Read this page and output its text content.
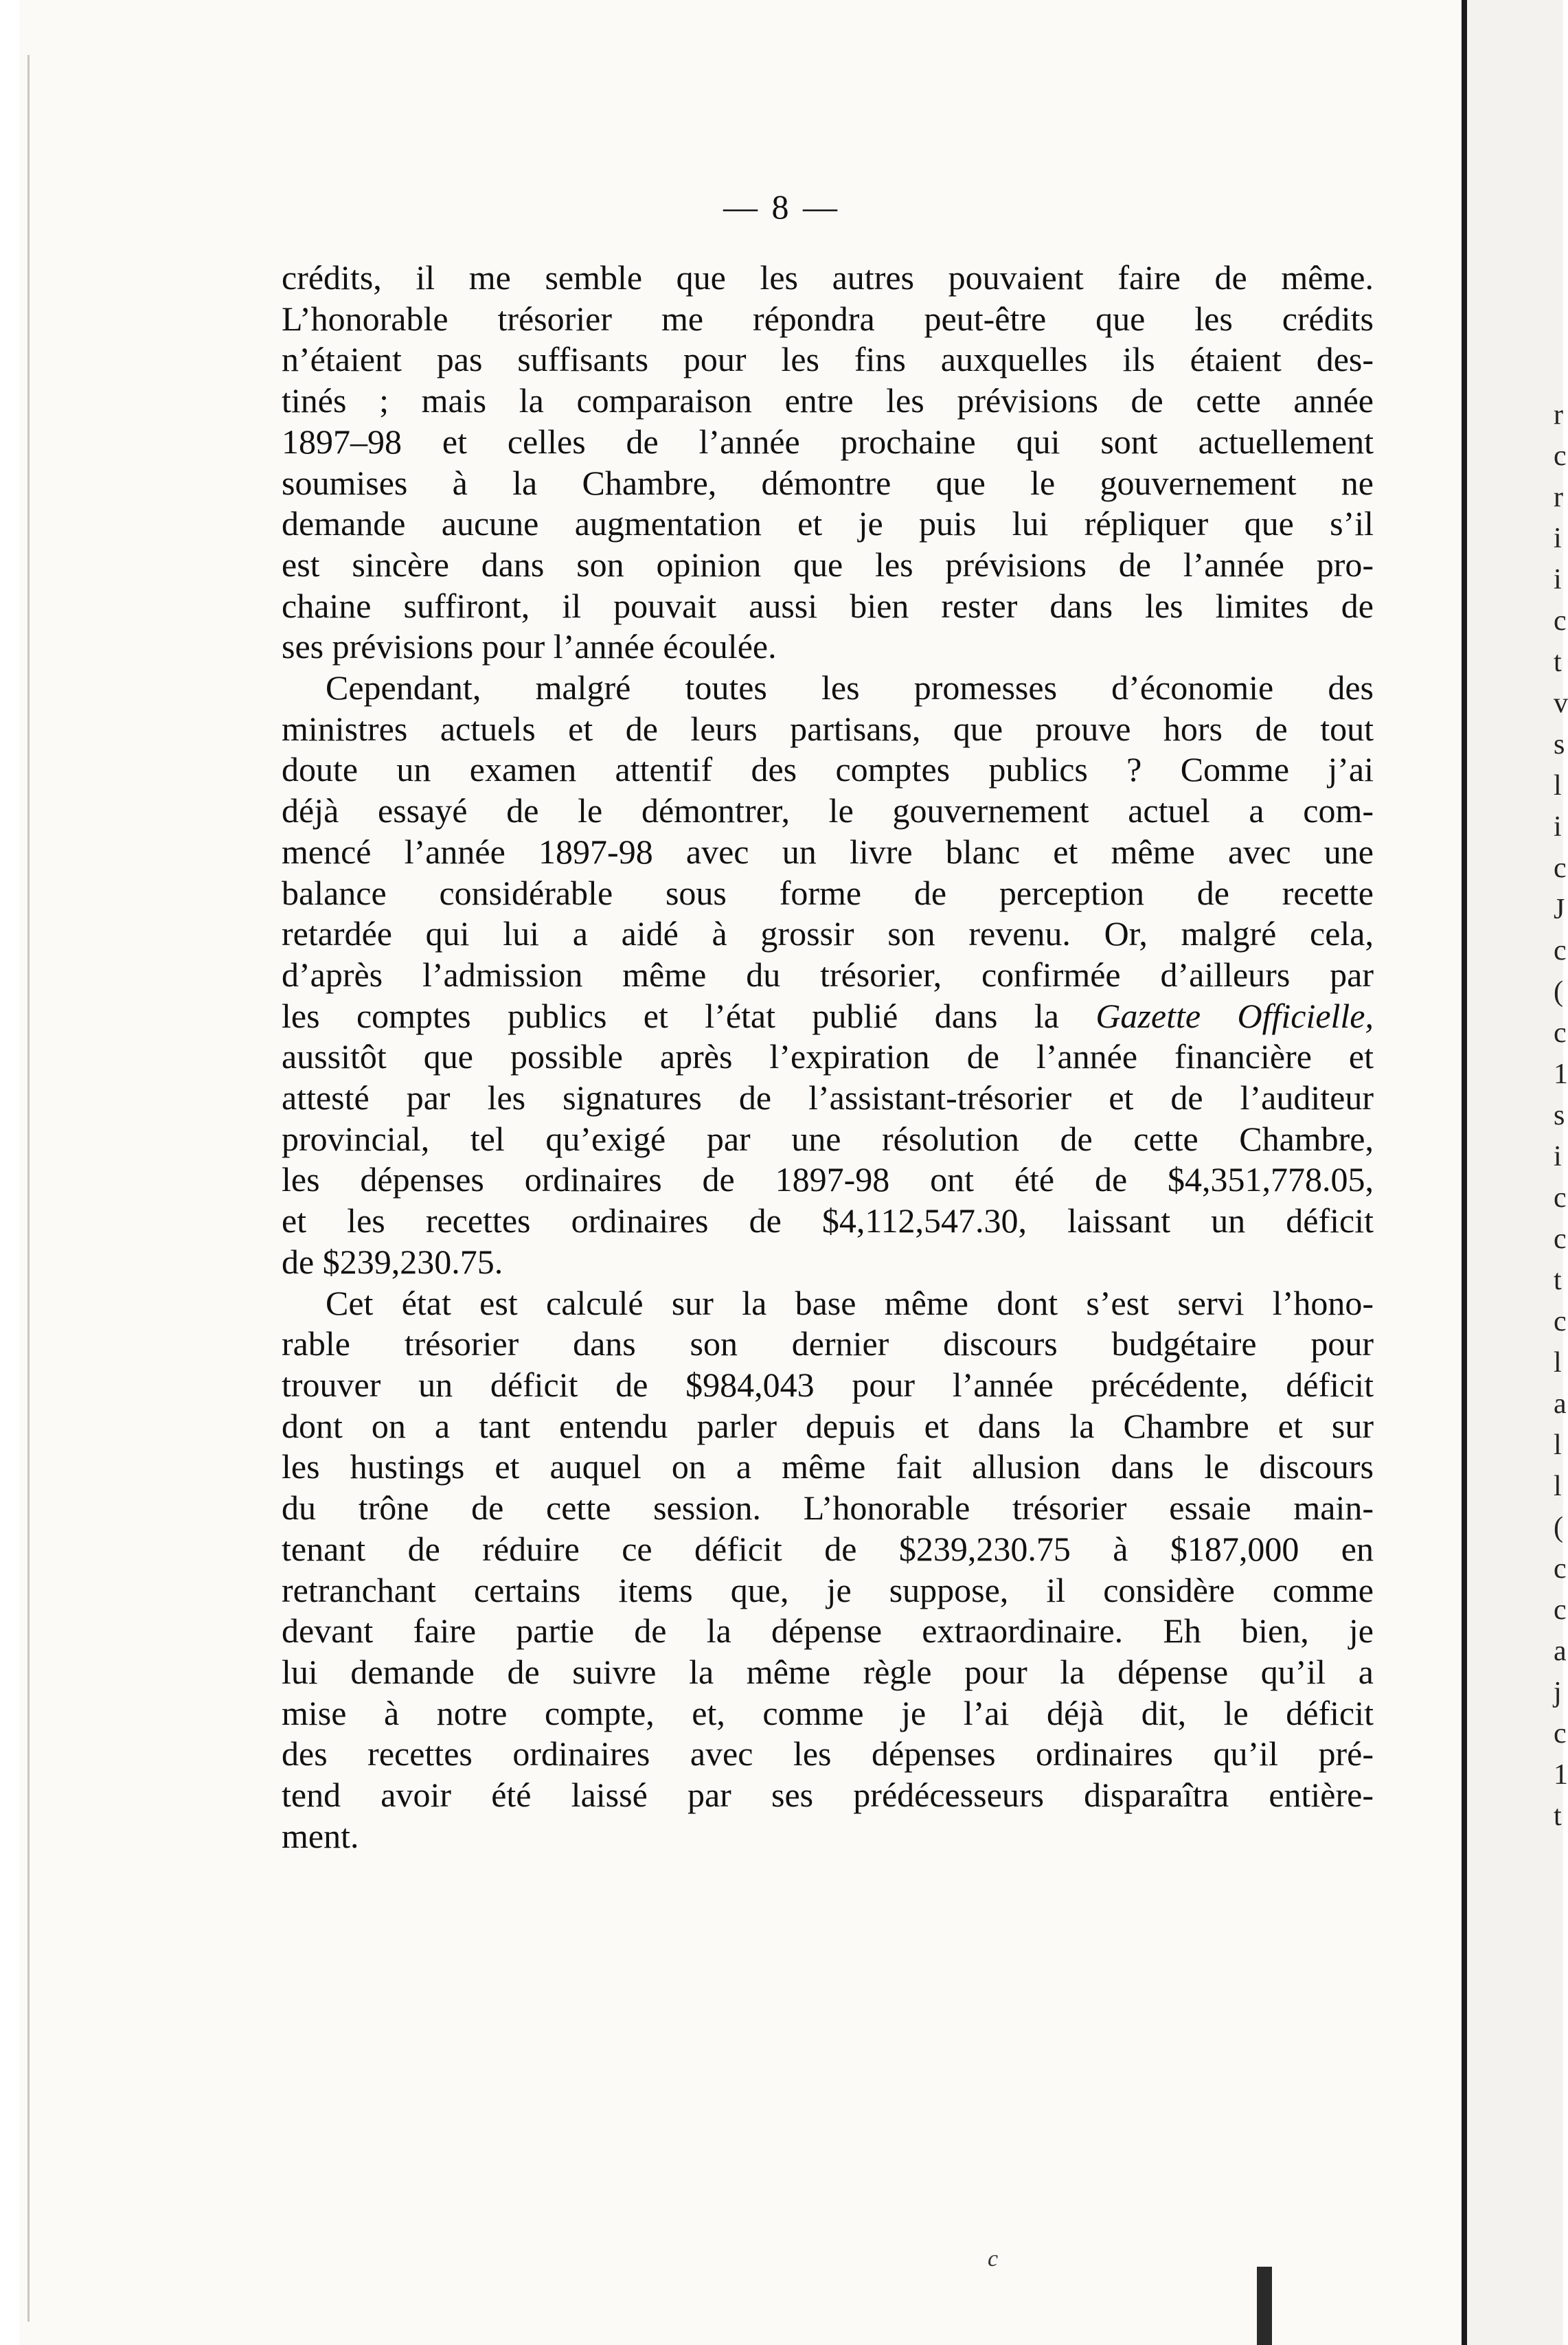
— 8 —

crédits, il me semble que les autres pouvaient faire de même.
L’honorable trésorier me répondra peut-être que les crédits
n’étaient pas suffisants pour les fins auxquelles ils étaient des-
tinés ; mais la comparaison entre les prévisions de cette année
1897–98 et celles de l’année prochaine qui sont actuellement
soumises à la Chambre, démontre que le gouvernement ne
demande aucune augmentation et je puis lui répliquer que s’il
est sincère dans son opinion que les prévisions de l’année pro-
chaine suffiront, il pouvait aussi bien rester dans les limites de
ses prévisions pour l’année écoulée.

Cependant, malgré toutes les promesses d’économie des
ministres actuels et de leurs partisans, que prouve hors de tout
doute un examen attentif des comptes publics ? Comme j’ai
déjà essayé de le démontrer, le gouvernement actuel a com-
mencé l’année 1897-98 avec un livre blanc et même avec une
balance considérable sous forme de perception de recette
retardée qui lui a aidé à grossir son revenu. Or, malgré cela,
d’après l’admission même du trésorier, confirmée d’ailleurs par
les comptes publics et l’état publié dans la Gazette Officielle,
aussitôt que possible après l’expiration de l’année financière et
attesté par les signatures de l’assistant-trésorier et de l’auditeur
provincial, tel qu’exigé par une résolution de cette Chambre,
les dépenses ordinaires de 1897-98 ont été de $4,351,778.05,
et les recettes ordinaires de $4,112,547.30, laissant un déficit
de $239,230.75.

Cet état est calculé sur la base même dont s’est servi l’hono-
rable trésorier dans son dernier discours budgétaire pour
trouver un déficit de $984,043 pour l’année précédente, déficit
dont on a tant entendu parler depuis et dans la Chambre et sur
les hustings et auquel on a même fait allusion dans le discours
du trône de cette session. L’honorable trésorier essaie main-
tenant de réduire ce déficit de $239,230.75 à $187,000 en
retranchant certains items que, je suppose, il considère comme
devant faire partie de la dépense extraordinaire. Eh bien, je
lui demande de suivre la même règle pour la dépense qu’il a
mise à notre compte, et, comme je l’ai déjà dit, le déficit
des recettes ordinaires avec les dépenses ordinaires qu’il pré-
tend avoir été laissé par ses prédécesseurs disparaîtra entière-
ment.

c
r
c
r
i
i
c
t
v
s
l
i
c
J
c
(
c
1
s
i
c
c
t
c
l
a
l
l
(
c
c
a
j
c
1
t
